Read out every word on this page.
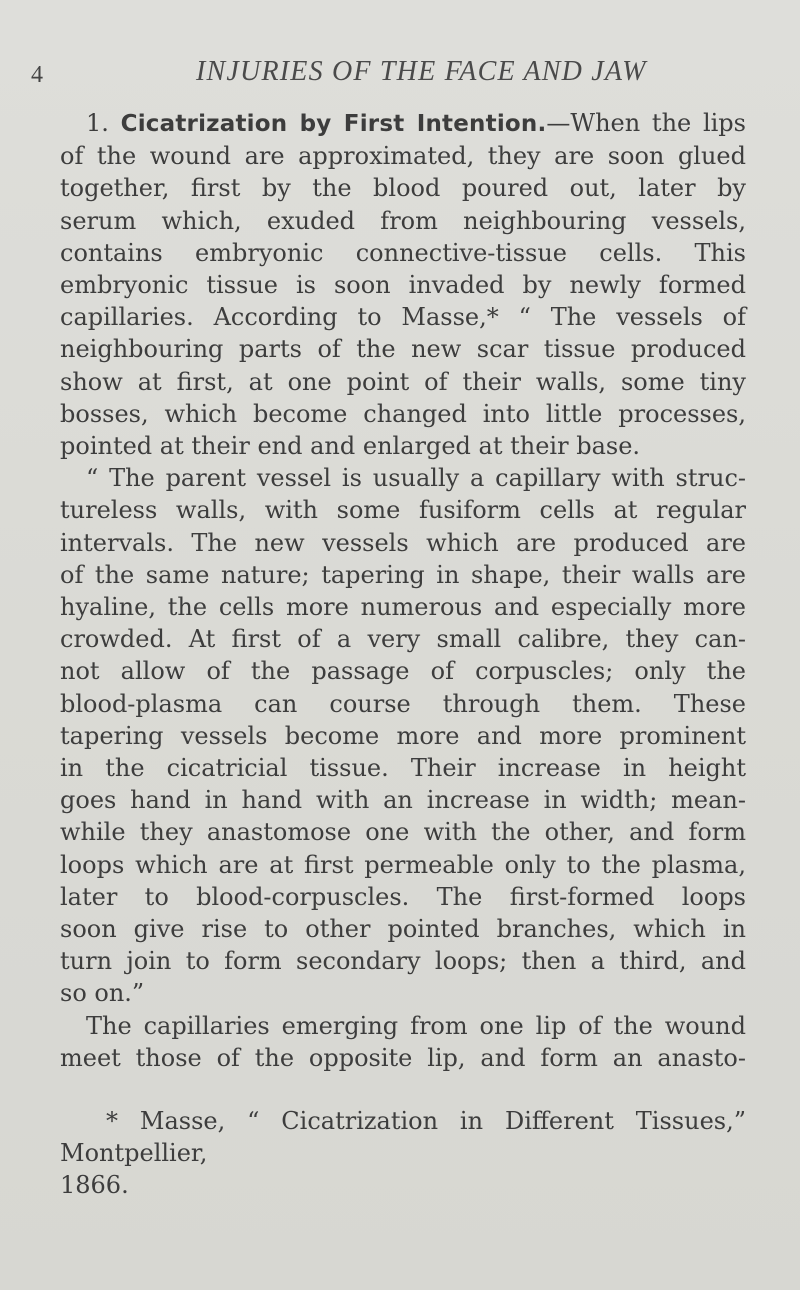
4	INJURIES OF THE FACE AND JAW

1. Cicatrization by First Intention.—When the lips

of the wound are approximated, they are soon glued

together, first by the blood poured out, later by

serum which, exuded from neighbouring vessels,

contains embryonic connective-tissue cells. This

embryonic tissue is soon invaded by newly formed

capillaries. According to Masse,* “ The vessels of

neighbouring parts of the new scar tissue produced

show at first, at one point of their walls, some tiny

bosses, which become changed into little processes,

pointed at their end and enlarged at their base.

“ The parent vessel is usually a capillary with struc-

tureless walls, with some fusiform cells at regular

intervals. The new vessels which are produced are

of the same nature; tapering in shape, their walls are

hyaline, the cells more numerous and especially more

crowded. At first of a very small calibre, they can-

not allow of the passage of corpuscles; only the

blood-plasma can course through them. These

tapering vessels become more and more prominent

in the cicatricial tissue. Their increase in height

goes hand in hand with an increase in width; mean-

while they anastomose one with the other, and form

loops which are at first permeable only to the plasma,

later to blood-corpuscles. The first-formed loops

soon give rise to other pointed branches, which in

turn join to form secondary loops; then a third, and

so on.”

The capillaries emerging from one lip of the wound

meet those of the opposite lip, and form an anasto-

* Masse, “ Cicatrization in Different Tissues,” Montpellier,

1866.
